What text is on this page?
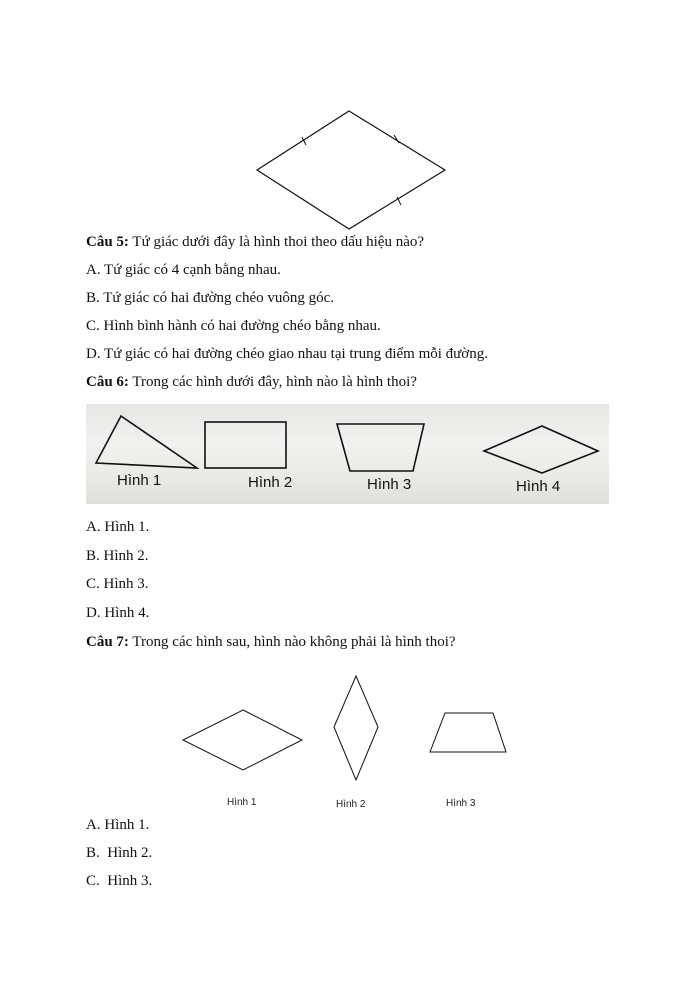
Câu 5: Tứ giác dưới đây là hình thoi theo dấu hiệu nào?
A. Tứ giác có 4 cạnh bằng nhau.
B. Tứ giác có hai đường chéo vuông góc.
C. Hình bình hành có hai đường chéo bằng nhau.
D. Tứ giác có hai đường chéo giao nhau tại trung điểm mỗi đường.
Câu 6: Trong các hình dưới đây, hình nào là hình thoi?
Hình 1	Hình 2	Hình 3	Hình 4
A. Hình 1.
B. Hình 2.
C. Hình 3.
D. Hình 4.
Câu 7: Trong các hình sau, hình nào không phải là hình thoi?
Hình 1	Hình 2	Hình 3
A. Hình 1.
B.  Hình 2.
C.  Hình 3.
